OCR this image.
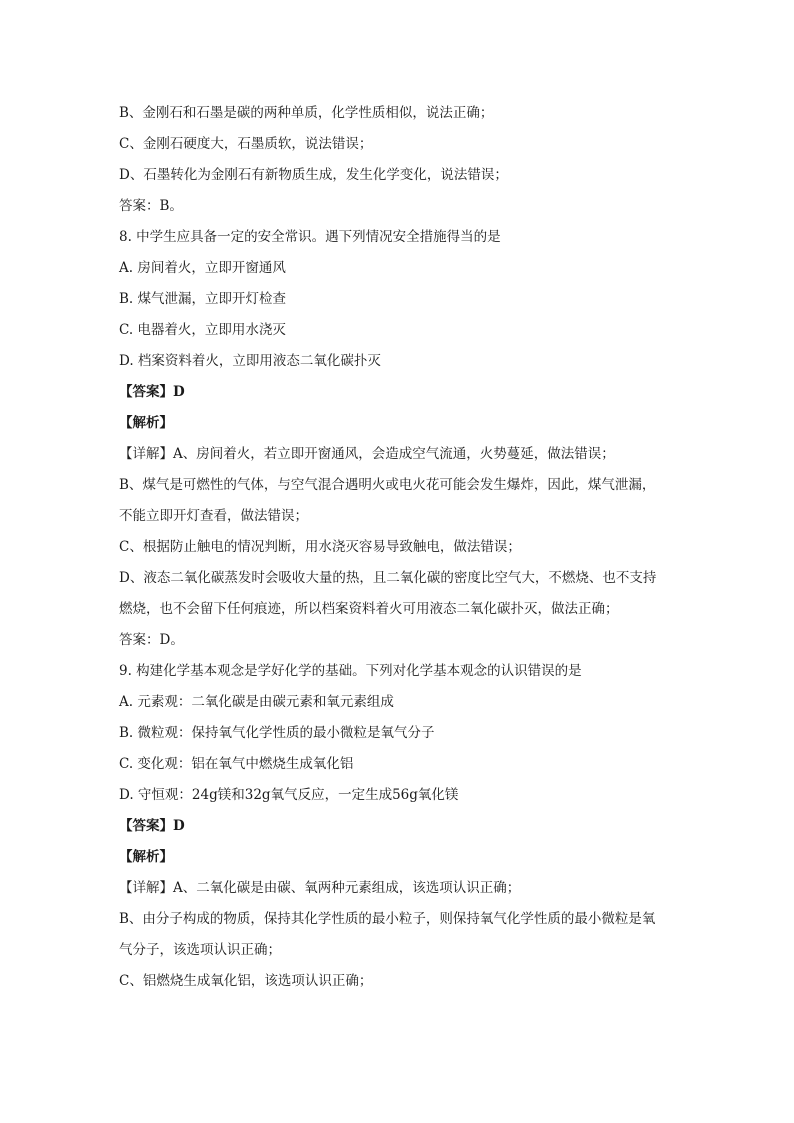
B、金刚石和石墨是碳的两种单质，化学性质相似，说法正确；
C、金刚石硬度大，石墨质软，说法错误；
D、石墨转化为金刚石有新物质生成，发生化学变化，说法错误；
答案：B。
8. 中学生应具备一定的安全常识。遇下列情况安全措施得当的是
A. 房间着火，立即开窗通风
B. 煤气泄漏，立即开灯检查
C. 电器着火，立即用水浇灭
D. 档案资料着火，立即用液态二氧化碳扑灭
【答案】D
【解析】
【详解】A、房间着火，若立即开窗通风，会造成空气流通，火势蔓延，做法错误；
B、煤气是可燃性的气体，与空气混合遇明火或电火花可能会发生爆炸，因此，煤气泄漏，
不能立即开灯查看，做法错误；
C、根据防止触电的情况判断，用水浇灭容易导致触电，做法错误；
D、液态二氧化碳蒸发时会吸收大量的热，且二氧化碳的密度比空气大，不燃烧、也不支持
燃烧，也不会留下任何痕迹，所以档案资料着火可用液态二氧化碳扑灭，做法正确；
答案：D。
9. 构建化学基本观念是学好化学的基础。下列对化学基本观念的认识错误的是
A. 元素观：二氧化碳是由碳元素和氧元素组成
B. 微粒观：保持氧气化学性质的最小微粒是氧气分子
C. 变化观：铝在氧气中燃烧生成氧化铝
D. 守恒观：24g镁和32g氧气反应，一定生成56g氧化镁
【答案】D
【解析】
【详解】A、二氧化碳是由碳、氧两种元素组成，该选项认识正确；
B、由分子构成的物质，保持其化学性质的最小粒子，则保持氧气化学性质的最小微粒是氧
气分子，该选项认识正确；
C、铝燃烧生成氧化铝，该选项认识正确；
